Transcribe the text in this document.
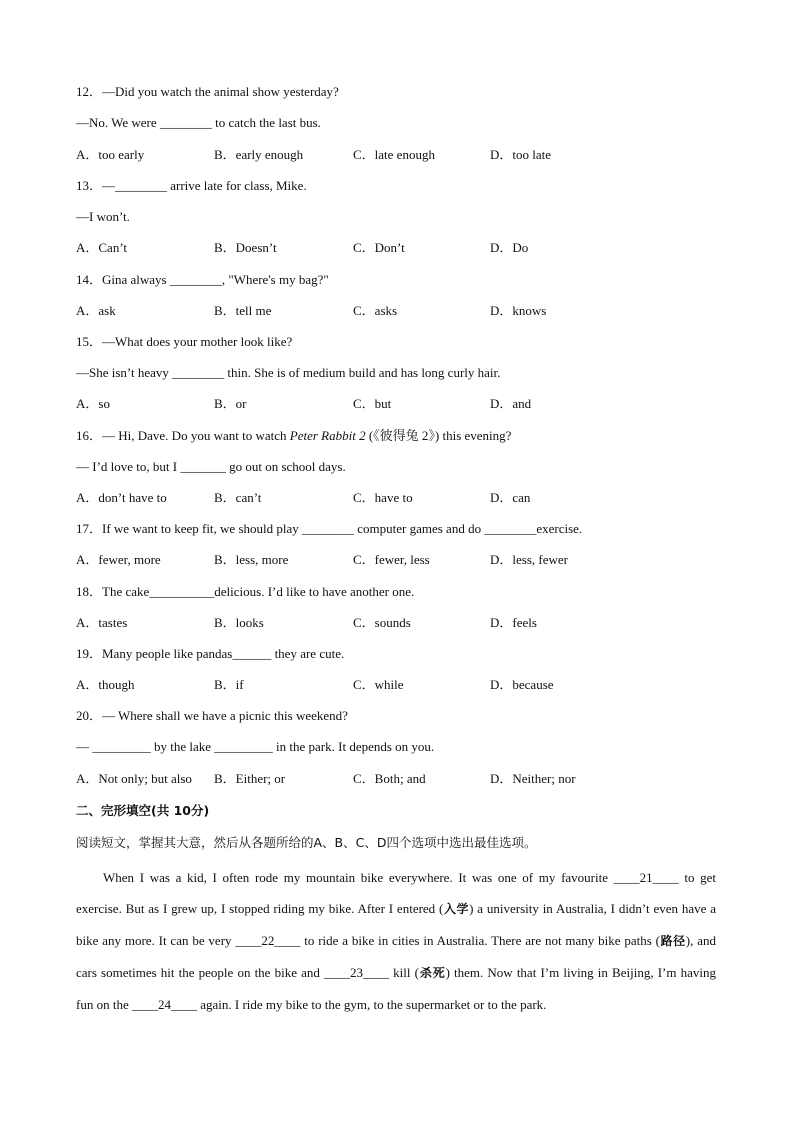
12．—Did you watch the animal show yesterday?
—No. We were ________ to catch the last bus.
A．too early	B．early enough	C．late enough	D．too late
13．—________ arrive late for class, Mike.
—I won’t.
A．Can’t	B．Doesn’t	C．Don’t	D．Do
14．Gina always ________, "Where's my bag?"
A．ask	B．tell me	C．asks	D．knows
15．—What does your mother look like?
—She isn’t heavy ________ thin. She is of medium build and has long curly hair.
A．so	B．or	C．but	D．and
16．— Hi, Dave. Do you want to watch Peter Rabbit 2 (《彼得兔 2》) this evening?
— I’d love to, but I _______ go out on school days.
A．don’t have to	B．can’t	C．have to	D．can
17．If we want to keep fit, we should play ________ computer games and do ________exercise.
A．fewer, more	B．less, more	C．fewer, less	D．less, fewer
18．The cake__________delicious. I’d like to have another one.
A．tastes	B．looks	C．sounds	D．feels
19．Many people like pandas______ they are cute.
A．though	B．if	C．while	D．because
20．— Where shall we have a picnic this weekend?
— _________ by the lake _________ in the park. It depends on you.
A．Not only; but also B．Either; or	C．Both; and	D．Neither; nor
二、完形填空(共 10分)
阅读短文，掌握其大意，然后从各题所给的A、B、C、D四个选项中选出最佳选项。

When I was a kid, I often rode my mountain bike everywhere. It was one of my favourite ____21____ to get exercise. But as I grew up, I stopped riding my bike. After I entered (入学) a university in Australia, I didn’t even have a bike any more. It can be very ____22____ to ride a bike in cities in Australia. There are not many bike paths (路径), and cars sometimes hit the people on the bike and ____23____ kill (杀死) them. Now that I’m living in Beijing, I’m having fun on the ____24____ again. I ride my bike to the gym, to the supermarket or to the park.
